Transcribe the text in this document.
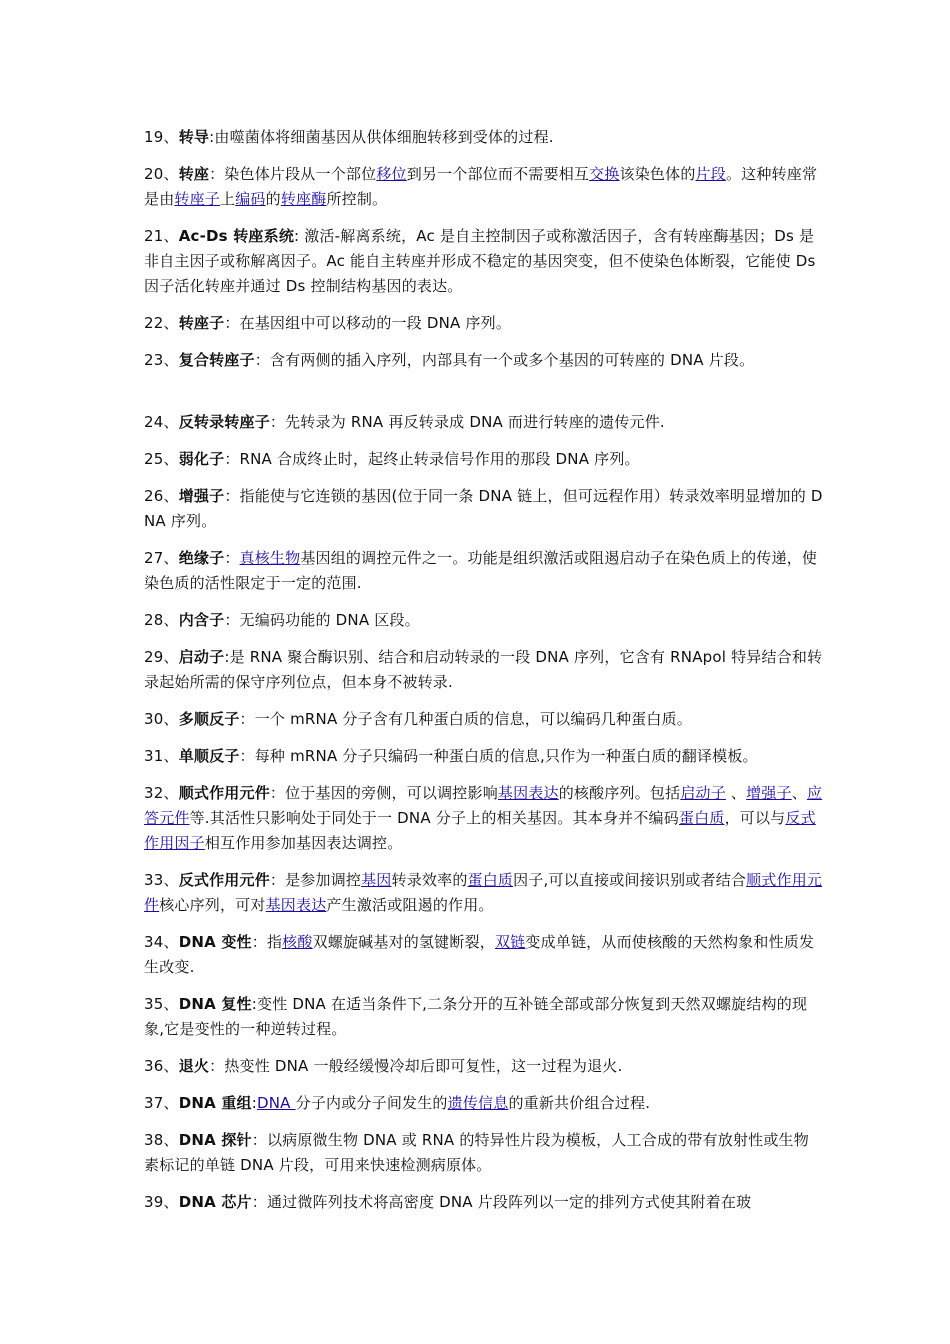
19、转导:由噬菌体将细菌基因从供体细胞转移到受体的过程.

20、转座：染色体片段从一个部位移位到另一个部位而不需要相互交换该染色体的片段。这种转座常是由转座子上编码的转座酶所控制。

21、Ac-Ds 转座系统: 激活-解离系统，Ac 是自主控制因子或称激活因子，含有转座酶基因；Ds 是非自主因子或称解离因子。Ac 能自主转座并形成不稳定的基因突变，但不使染色体断裂，它能使 Ds 因子活化转座并通过 Ds 控制结构基因的表达。

22、转座子：在基因组中可以移动的一段 DNA 序列。

23、复合转座子：含有两侧的插入序列，内部具有一个或多个基因的可转座的 DNA 片段。

24、反转录转座子：先转录为 RNA 再反转录成 DNA 而进行转座的遗传元件.

25、弱化子：RNA 合成终止时，起终止转录信号作用的那段 DNA 序列。

26、增强子：指能使与它连锁的基因(位于同一条 DNA 链上，但可远程作用）转录效率明显增加的 DNA 序列。

27、绝缘子：真核生物基因组的调控元件之一。功能是组织激活或阻遏启动子在染色质上的传递，使染色质的活性限定于一定的范围.

28、内含子：无编码功能的 DNA 区段。

29、启动子:是 RNA 聚合酶识别、结合和启动转录的一段 DNA 序列，它含有 RNApol 特异结合和转录起始所需的保守序列位点，但本身不被转录.

30、多顺反子：一个 mRNA 分子含有几种蛋白质的信息，可以编码几种蛋白质。

31、单顺反子：每种 mRNA 分子只编码一种蛋白质的信息,只作为一种蛋白质的翻译模板。

32、顺式作用元件：位于基因的旁侧，可以调控影响基因表达的核酸序列。包括启动子 、增强子、应答元件等.其活性只影响处于同处于一 DNA 分子上的相关基因。其本身并不编码蛋白质，可以与反式作用因子相互作用参加基因表达调控。

33、反式作用元件：是参加调控基因转录效率的蛋白质因子,可以直接或间接识别或者结合顺式作用元件核心序列，可对基因表达产生激活或阻遏的作用。

34、DNA 变性：指核酸双螺旋碱基对的氢键断裂，双链变成单链，从而使核酸的天然构象和性质发生改变.

35、DNA 复性:变性 DNA 在适当条件下,二条分开的互补链全部或部分恢复到天然双螺旋结构的现象,它是变性的一种逆转过程。

36、退火：热变性 DNA 一般经缓慢冷却后即可复性，这一过程为退火.

37、DNA 重组:DNA 分子内或分子间发生的遗传信息的重新共价组合过程.

38、DNA 探针：以病原微生物 DNA 或 RNA 的特异性片段为模板，人工合成的带有放射性或生物素标记的单链 DNA 片段，可用来快速检测病原体。

39、DNA 芯片：通过微阵列技术将高密度 DNA 片段阵列以一定的排列方式使其附着在玻
